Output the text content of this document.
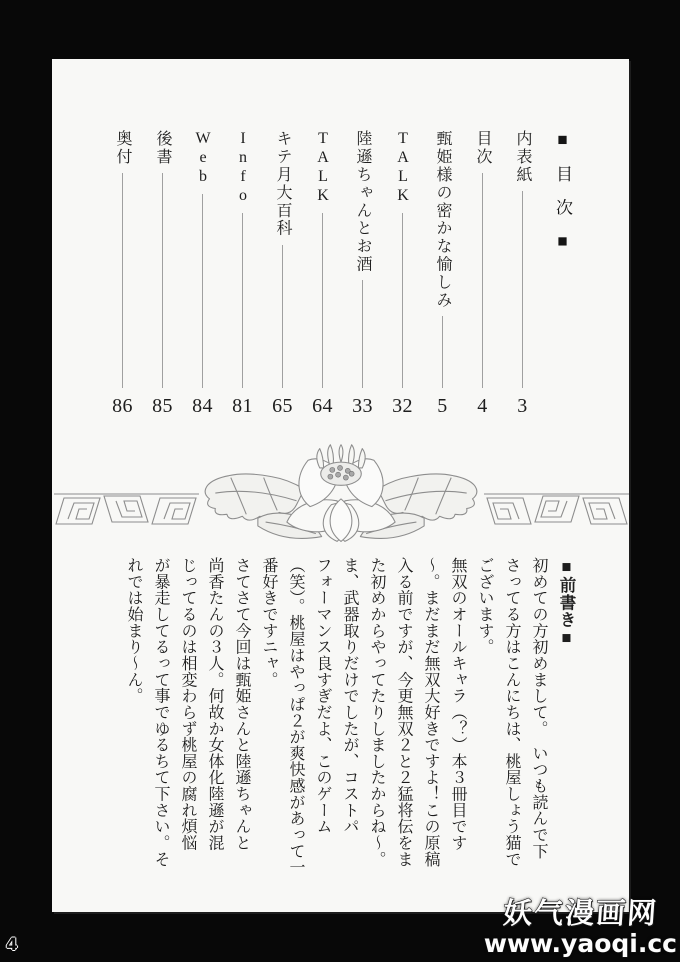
■目次■
内表紙
3
目次
4
甄姫様の密かな愉しみ
5
TALK
32
陸遜ちゃんとお酒
33
TALK
64
キテ月大百科
65
Info
81
Web
84
後書
85
奥付
86
■前書き■
初めての方初めまして。　いつも読んで下
さってる方はこんにちは、桃屋しょう猫で
ございます。
無双のオールキャラ（？）本３冊目です
〜。まだまだ無双大好きですよ！この原稿
入る前ですが、今更無双２と２猛将伝をま
た初めからやってたりしましたからね〜。
ま、武器取りだけでしたが、コストパ
フォーマンス良すぎだよ、このゲーム
（笑）。桃屋はやっぱ２が爽快感があって一
番好きですニャ。
さてさて今回は甄姫さんと陸遜ちゃんと
尚香たんの３人。何故か女体化陸遜が混
じってるのは相変わらず桃屋の腐れ煩悩
が暴走してるって事でゆるちて下さい。そ
れでは始まり〜ん。
4
妖气漫画网
www.yaoqi.cc
